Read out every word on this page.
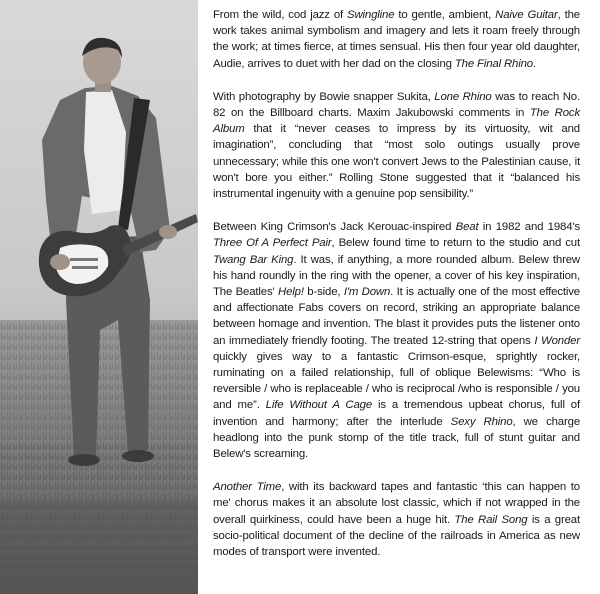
From the wild, cod jazz of Swingline to gentle, ambient, Naive Guitar, the work takes animal symbolism and imagery and lets it roam freely through the work; at times fierce, at times sensual. His then four year old daughter, Audie, arrives to duet with her dad on the closing The Final Rhino.

With photography by Bowie snapper Sukita, Lone Rhino was to reach No. 82 on the Billboard charts. Maxim Jakubowski comments in The Rock Album that it “never ceases to impress by its virtuosity, wit and imagination”, concluding that “most solo outings usually prove unnecessary; while this one won't convert Jews to the Palestinian cause, it won't bore you either.” Rolling Stone suggested that it “balanced his instrumental ingenuity with a genuine pop sensibility.”

Between King Crimson's Jack Kerouac-inspired Beat in 1982 and 1984's Three Of A Perfect Pair, Belew found time to return to the studio and cut Twang Bar King. It was, if anything, a more rounded album. Belew threw his hand roundly in the ring with the opener, a cover of his key inspiration, The Beatles' Help! b-side, I'm Down. It is actually one of the most effective and affectionate Fabs covers on record, striking an appropriate balance between homage and invention. The blast it provides puts the listener onto an immediately friendly footing. The treated 12-string that opens I Wonder quickly gives way to a fantastic Crimson-esque, sprightly rocker, ruminating on a failed relationship, full of oblique Belewisms: “Who is reversible / who is replaceable / who is reciprocal /who is responsible / you and me”. Life Without A Cage is a tremendous upbeat chorus, full of invention and harmony; after the interlude Sexy Rhino, we charge headlong into the punk stomp of the title track, full of stunt guitar and Belew's screaming.

Another Time, with its backward tapes and fantastic ‘this can happen to me' chorus makes it an absolute lost classic, which if not wrapped in the overall quirkiness, could have been a huge hit. The Rail Song is a great socio-political document of the decline of the railroads in America as new modes of transport were invented.
